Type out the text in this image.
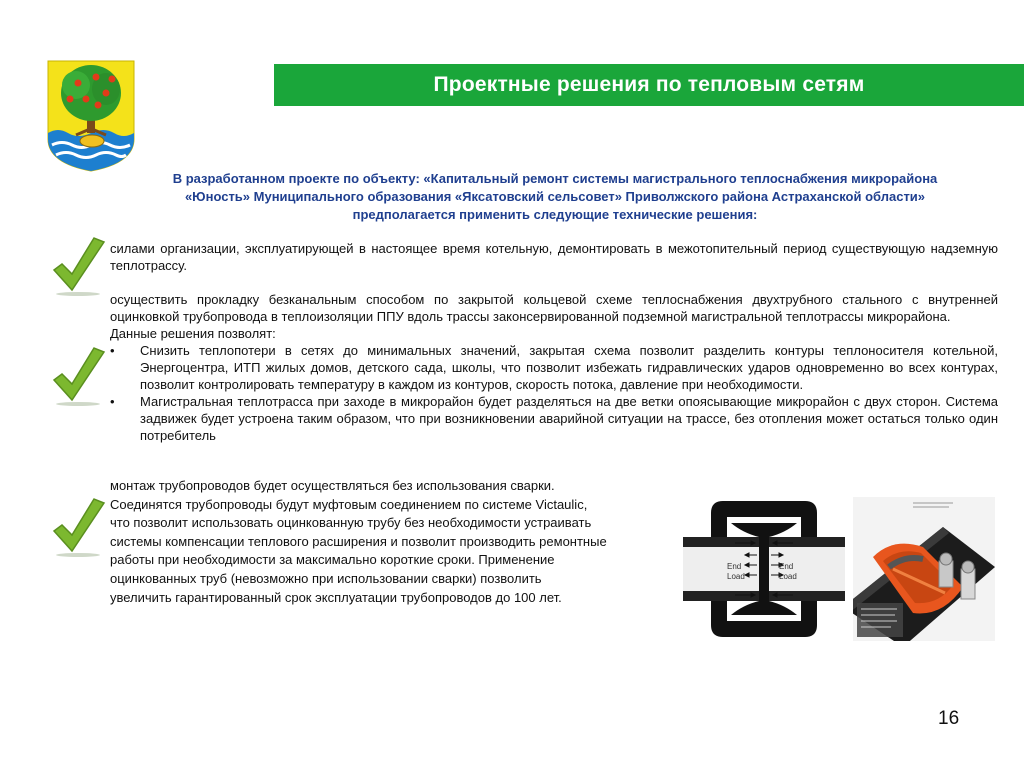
Проектные решения по тепловым сетям
В разработанном проекте по объекту: «Капитальный ремонт системы магистрального теплоснабжения микрорайона
«Юность» Муниципального образования «Яксатовский сельсовет» Приволжского района Астраханской области»
предполагается применить следующие технические решения:

силами организации, эксплуатирующей в настоящее время котельную, демонтировать в межотопительный период существующую надземную теплотрассу.

осуществить прокладку безканальным способом по закрытой кольцевой схеме теплоснабжения двухтрубного стального с внутренней оцинковкой трубопровода в теплоизоляции ППУ вдоль трассы законсервированной подземной магистральной теплотрассы микрорайона.

Данные решения позволят:

•	Снизить теплопотери в сетях до минимальных значений, закрытая схема позволит разделить контуры теплоносителя котельной, Энергоцентра, ИТП жилых домов, детского сада, школы, что позволит избежать гидравлических ударов одновременно во всех контурах, позволит контролировать температуру в каждом из контуров, скорость потока, давление при необходимости.
•	Магистральная теплотрасса при заходе в микрорайон будет разделяться на две ветки опоясывающие микрорайон с двух сторон. Система задвижек будет устроена таким образом, что при возникновении аварийной ситуации на трассе, без отопления может остаться только один потребитель

монтаж трубопроводов будет осуществляться без использования сварки.

Соединятся трубопроводы будут муфтовым соединением по системе Victaulic,

что позволит использовать оцинкованную трубу без необходимости устраивать

системы компенсации теплового расширения и позволит производить ремонтные

работы при необходимости за максимально короткие сроки. Применение

оцинкованных труб (невозможно при использовании сварки) позволить

увеличить гарантированный срок эксплуатации трубопроводов до 100 лет.

End
Load
End
Load
16
